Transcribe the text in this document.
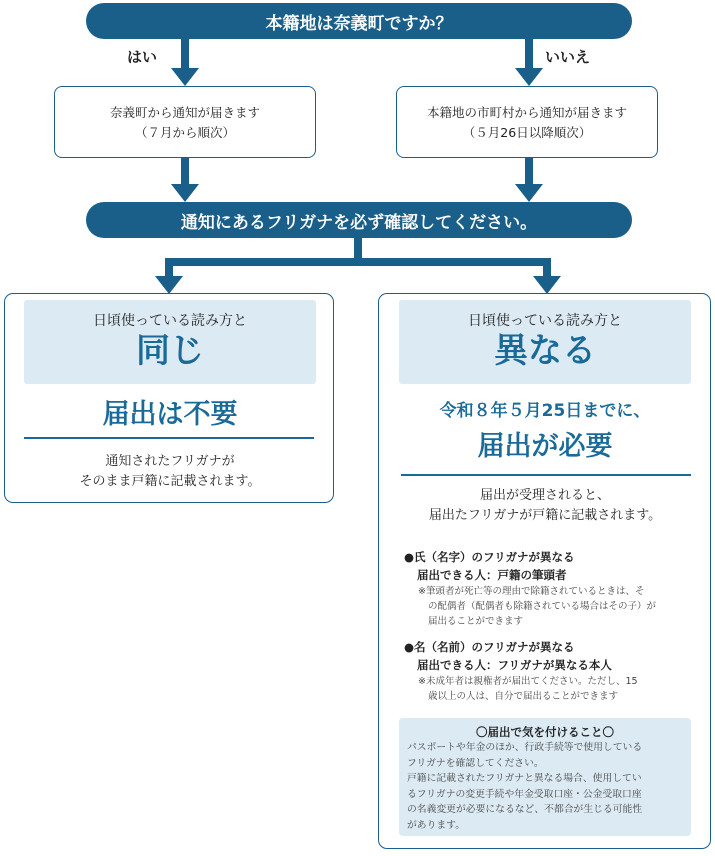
本籍地は奈義町ですか？
はい	いいえ
奈義町から通知が届きます
（７月から順次）
本籍地の市町村から通知が届きます
（５月26日以降順次）
通知にあるフリガナを必ず確認してください。
日頃使っている読み方と
同じ
届出は不要
通知されたフリガナが
そのまま戸籍に記載されます。
日頃使っている読み方と
異なる
令和８年５月25日までに、
届出が必要
届出が受理されると、
届出たフリガナが戸籍に記載されます。
●氏（名字）のフリガナが異なる
届出できる人：戸籍の筆頭者
※筆頭者が死亡等の理由で除籍されているときは、そ
の配偶者（配偶者も除籍されている場合はその子）が
届出ることができます
●名（名前）のフリガナが異なる
届出できる人：フリガナが異なる本人
※未成年者は親権者が届出てください。ただし、15
歳以上の人は、自分で届出ることができます
〇届出で気を付けること〇
パスポートや年金のほか、行政手続等で使用している
フリガナを確認してください。
戸籍に記載されたフリガナと異なる場合、使用してい
るフリガナの変更手続や年金受取口座・公金受取口座
の名義変更が必要になるなど、不都合が生じる可能性
があります。
